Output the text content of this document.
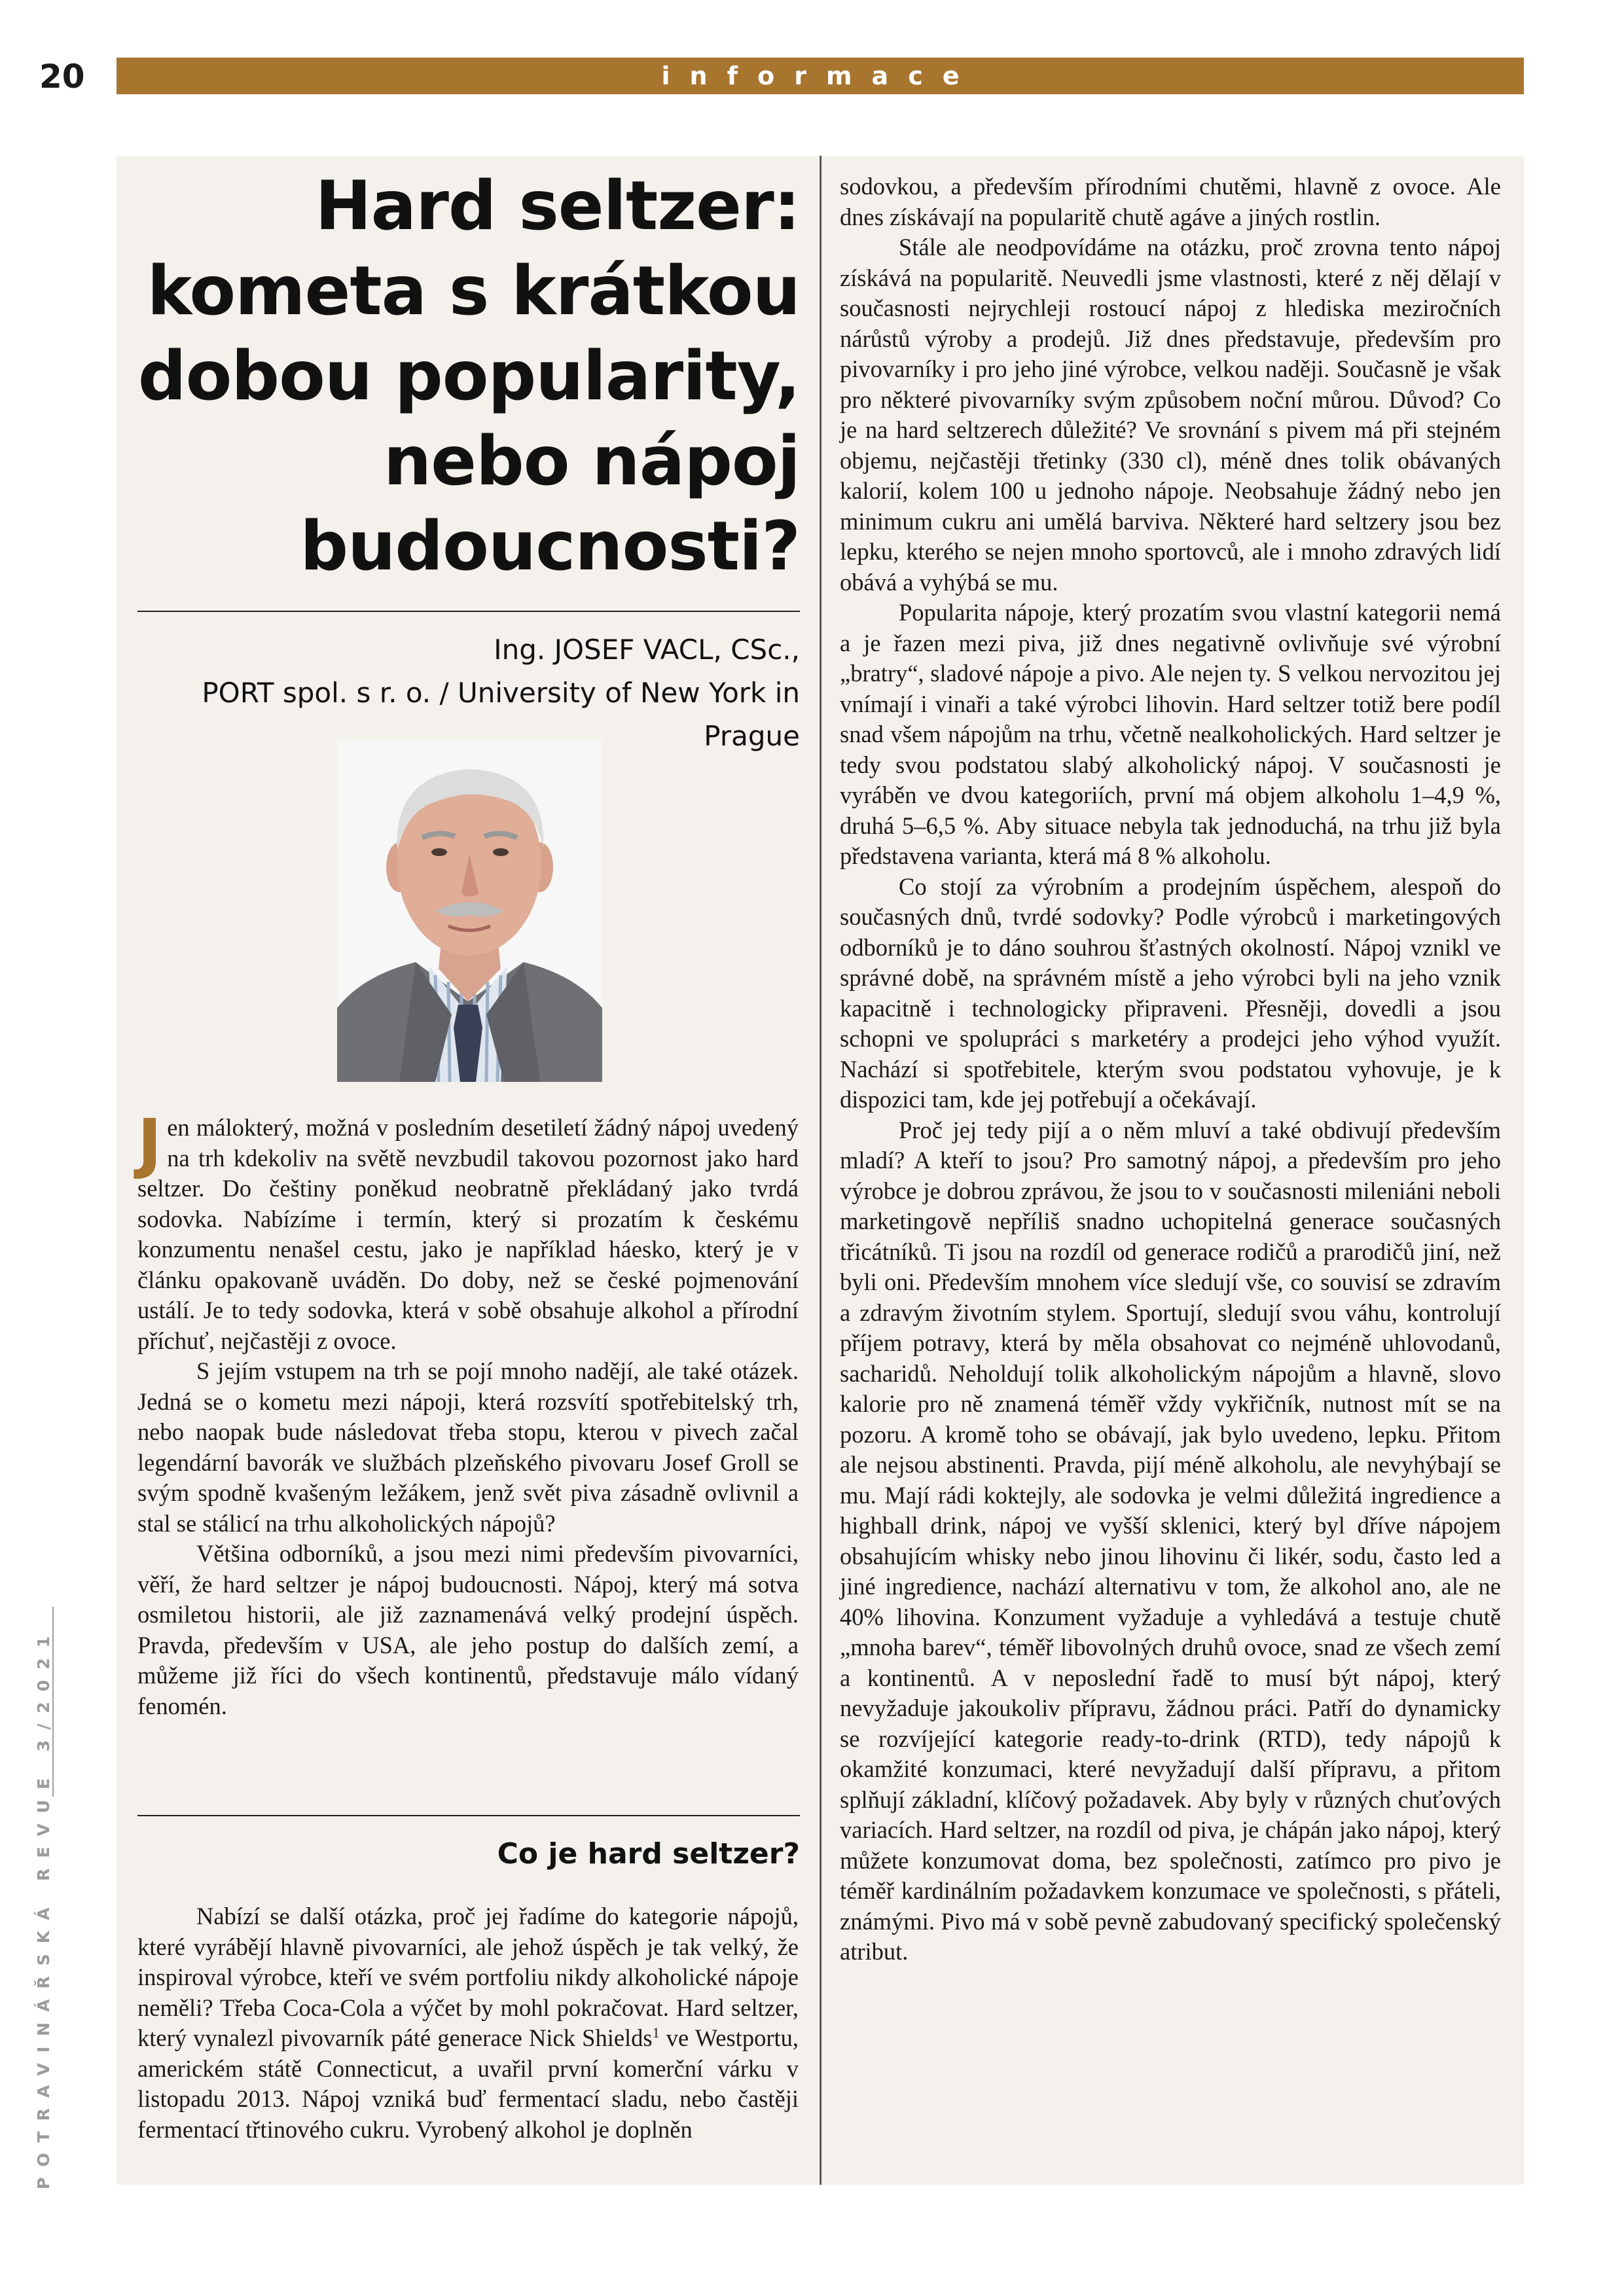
20	informace
POTRAVINÁŘSKÁ REVUE 3/2021
Hard seltzer:
kometa s krátkou
dobou popularity,
nebo nápoj
budoucnosti?
Ing. JOSEF VACL, CSc.,
PORT spol. s r. o. / University of New York in Prague

Jen málokterý, možná v posledním desetiletí žádný nápoj uvedený na trh kdekoliv na světě nevzbudil takovou pozornost jako hard seltzer. Do češtiny poněkud neobratně překládaný jako tvrdá sodovka. Nabízíme i termín, který si prozatím k českému konzumentu nenašel cestu, jako je například háesko, který je v článku opakovaně uváděn. Do doby, než se české pojmenování ustálí. Je to tedy sodovka, která v sobě obsahuje alkohol a přírodní příchuť, nejčastěji z ovoce.

S jejím vstupem na trh se pojí mnoho nadějí, ale také otázek. Jedná se o kometu mezi nápoji, která rozsvítí spotřebitelský trh, nebo naopak bude následovat třeba stopu, kterou v pivech začal legendární bavorák ve službách plzeňského pivovaru Josef Groll se svým spodně kvašeným ležákem, jenž svět piva zásadně ovlivnil a stal se stálicí na trhu alkoholických nápojů?

Většina odborníků, a jsou mezi nimi především pivovarníci, věří, že hard seltzer je nápoj budoucnosti. Nápoj, který má sotva osmiletou historii, ale již zaznamenává velký prodejní úspěch. Pravda, především v USA, ale jeho postup do dalších zemí, a můžeme již říci do všech kontinentů, představuje málo vídaný fenomén.

Co je hard seltzer?

Nabízí se další otázka, proč jej řadíme do kategorie nápojů, které vyrábějí hlavně pivovarníci, ale jehož úspěch je tak velký, že inspiroval výrobce, kteří ve svém portfoliu nikdy alkoholické nápoje neměli? Třeba Coca-Cola a výčet by mohl pokračovat. Hard seltzer, který vynalezl pivovarník páté generace Nick Shields$^1$ ve Westportu, americkém státě Connecticut, a uvařil první komerční várku v listopadu 2013. Nápoj vzniká buď fermentací sladu, nebo častěji fermentací třtinového cukru. Vyrobený alkohol je doplněn

sodovkou, a především přírodními chutěmi, hlavně z ovoce. Ale dnes získávají na popularitě chutě agáve a jiných rostlin.

Stále ale neodpovídáme na otázku, proč zrovna tento nápoj získává na popularitě. Neuvedli jsme vlastnosti, které z něj dělají v současnosti nejrychleji rostoucí nápoj z hlediska meziročních nárůstů výroby a prodejů. Již dnes představuje, především pro pivovarníky i pro jeho jiné výrobce, velkou naději. Současně je však pro některé pivovarníky svým způsobem noční můrou. Důvod? Co je na hard seltzerech důležité? Ve srovnání s pivem má při stejném objemu, nejčastěji třetinky (330 cl), méně dnes tolik obávaných kalorií, kolem 100 u jednoho nápoje. Neobsahuje žádný nebo jen minimum cukru ani umělá barviva. Některé hard seltzery jsou bez lepku, kterého se nejen mnoho sportovců, ale i mnoho zdravých lidí obává a vyhýbá se mu.

Popularita nápoje, který prozatím svou vlastní kategorii nemá a je řazen mezi piva, již dnes negativně ovlivňuje své výrobní „bratry“, sladové nápoje a pivo. Ale nejen ty. S velkou nervozitou jej vnímají i vinaři a také výrobci lihovin. Hard seltzer totiž bere podíl snad všem nápojům na trhu, včetně nealkoholických. Hard seltzer je tedy svou podstatou slabý alkoholický nápoj. V současnosti je vyráběn ve dvou kategoriích, první má objem alkoholu 1–4,9 %, druhá 5–6,5 %. Aby situace nebyla tak jednoduchá, na trhu již byla představena varianta, která má 8 % alkoholu.

Co stojí za výrobním a prodejním úspěchem, alespoň do současných dnů, tvrdé sodovky? Podle výrobců i marketingových odborníků je to dáno souhrou šťastných okolností. Nápoj vznikl ve správné době, na správném místě a jeho výrobci byli na jeho vznik kapacitně i technologicky připraveni. Přesněji, dovedli a jsou schopni ve spolupráci s marketéry a prodejci jeho výhod využít. Nachází si spotřebitele, kterým svou podstatou vyhovuje, je k dispozici tam, kde jej potřebují a očekávají.

Proč jej tedy pijí a o něm mluví a také obdivují především mladí? A kteří to jsou? Pro samotný nápoj, a především pro jeho výrobce je dobrou zprávou, že jsou to v současnosti mileniáni neboli marketingově nepříliš snadno uchopitelná generace současných třicátníků. Ti jsou na rozdíl od generace rodičů a prarodičů jiní, než byli oni. Především mnohem více sledují vše, co souvisí se zdravím a zdravým životním stylem. Sportují, sledují svou váhu, kontrolují příjem potravy, která by měla obsahovat co nejméně uhlovodanů, sacharidů. Neholdují tolik alkoholickým nápojům a hlavně, slovo kalorie pro ně znamená téměř vždy vykřičník, nutnost mít se na pozoru. A kromě toho se obávají, jak bylo uvedeno, lepku. Přitom ale nejsou abstinenti. Pravda, pijí méně alkoholu, ale nevyhýbají se mu. Mají rádi koktejly, ale sodovka je velmi důležitá ingredience a highball drink, nápoj ve vyšší sklenici, který byl dříve nápojem obsahujícím whisky nebo jinou lihovinu či likér, sodu, často led a jiné ingredience, nachází alternativu v tom, že alkohol ano, ale ne 40% lihovina. Konzument vyžaduje a vyhledává a testuje chutě „mnoha barev“, téměř libovolných druhů ovoce, snad ze všech zemí a kontinentů. A v neposlední řadě to musí být nápoj, který nevyžaduje jakoukoliv přípravu, žádnou práci. Patří do dynamicky se rozvíjející kategorie ready-to-drink (RTD), tedy nápojů k okamžité konzumaci, které nevyžadují další přípravu, a přitom splňují základní, klíčový požadavek. Aby byly v různých chuťových variacích. Hard seltzer, na rozdíl od piva, je chápán jako nápoj, který můžete konzumovat doma, bez společnosti, zatímco pro pivo je téměř kardinálním požadavkem konzumace ve společnosti, s přáteli, známými. Pivo má v sobě pevně zabudovaný specifický společenský atribut.
